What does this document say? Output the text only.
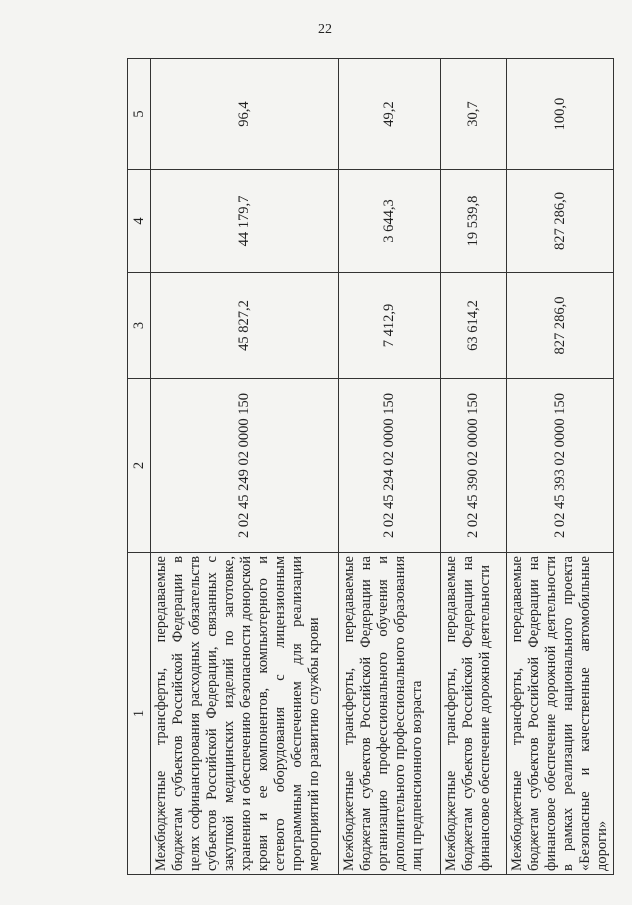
22
1	2	3	4	5
Межбюджетные трансферты, передаваемые бюджетам субъектов Российской Федерации в целях софинансирования расходных обязательств субъектов Российской Федерации, связанных с закупкой медицинских изделий по заготовке, хранению и обеспечению безопасности донорской крови и ее компонентов, компьютерного и сетевого оборудования с лицензионным программным обеспечением для реализации мероприятий по развитию службы крови	2 02 45 249 02 0000 150	45 827,2	44 179,7	96,4
Межбюджетные трансферты, передаваемые бюджетам субъектов Российской Федерации на организацию профессионального обучения и дополнительного профессионального образования лиц предпенсионного возраста	2 02 45 294 02 0000 150	7 412,9	3 644,3	49,2
Межбюджетные трансферты, передаваемые бюджетам субъектов Российской Федерации на финансовое обеспечение дорожной деятельности	2 02 45 390 02 0000 150	63 614,2	19 539,8	30,7
Межбюджетные трансферты, передаваемые бюджетам субъектов Российской Федерации на финансовое обеспечение дорожной деятельности в рамках реализации национального проекта «Безопасные и качественные автомобильные дороги»	2 02 45 393 02 0000 150	827 286,0	827 286,0	100,0
